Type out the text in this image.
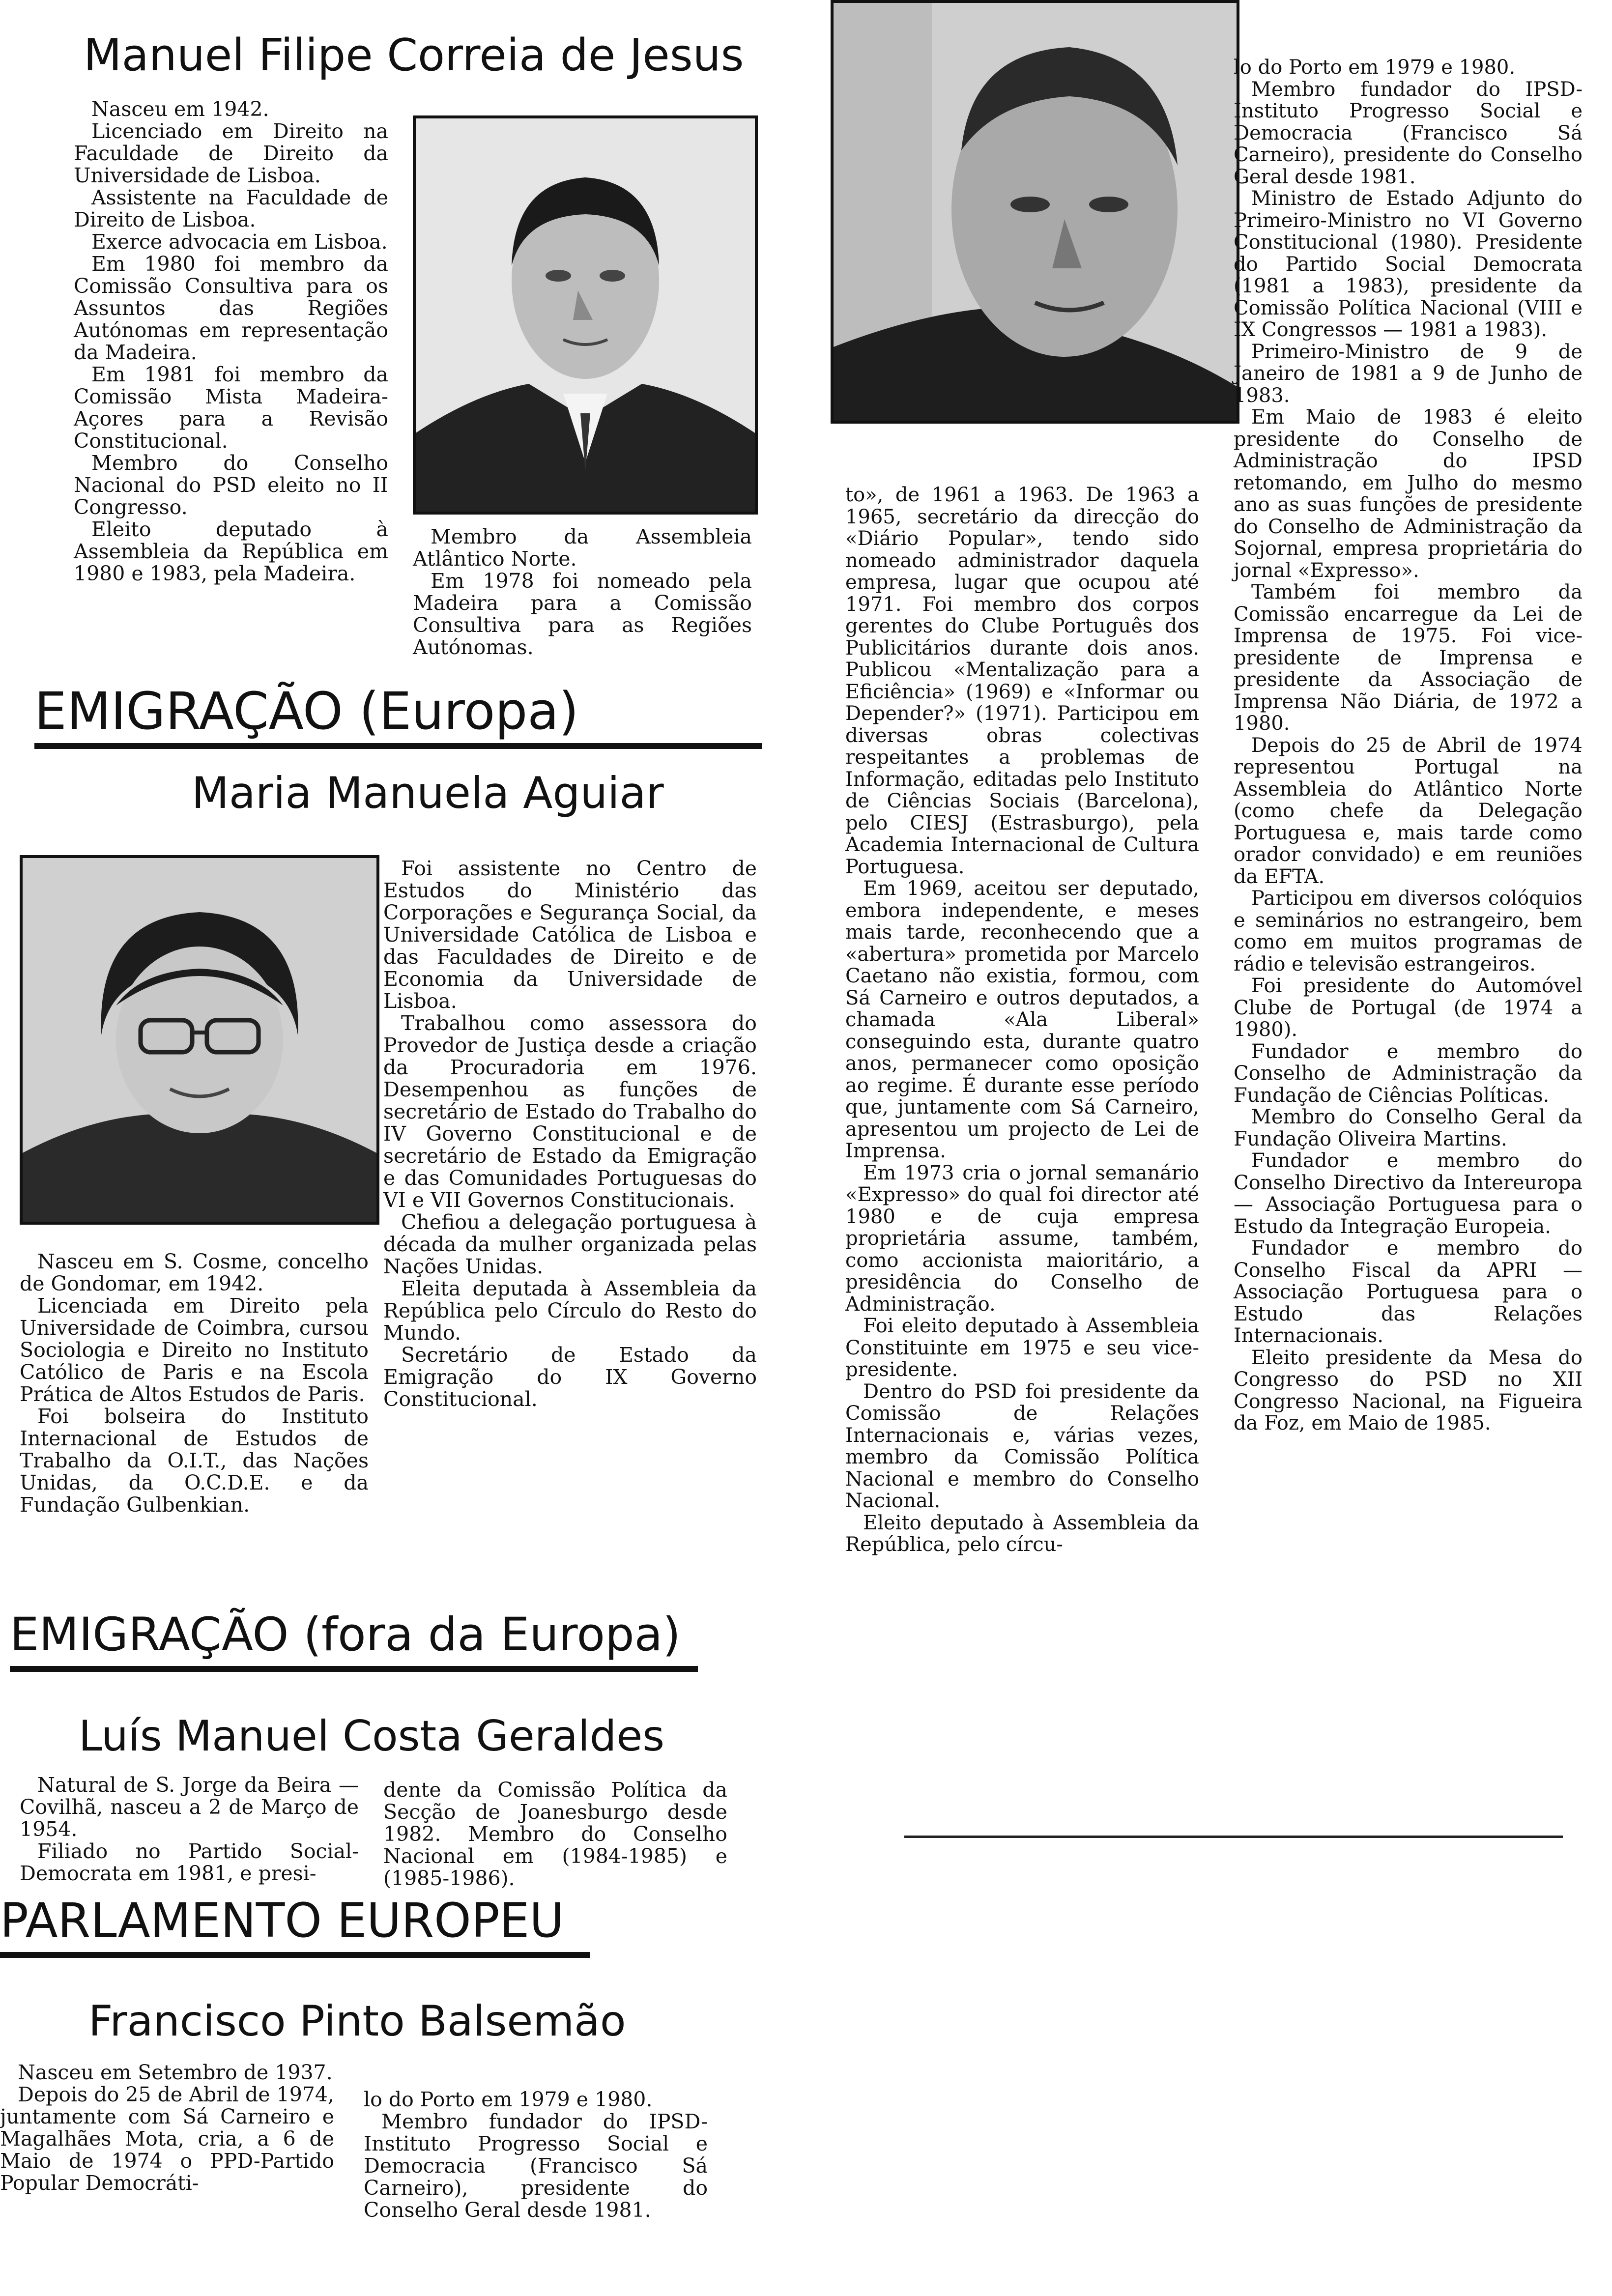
Manuel Filipe Correia de Jesus

Nasceu em 1942.

Licenciado em Direito na Faculdade de Direito da Universidade de Lisboa.

Assistente na Faculdade de Direito de Lisboa.

Exerce advocacia em Lisboa.

Em 1980 foi membro da Comissão Consultiva para os Assuntos das Regiões Autónomas em representação da Madeira.

Em 1981 foi membro da Comissão Mista Madeira-Açores para a Revisão Constitucional.

Membro do Conselho Nacional do PSD eleito no II Congresso.

Eleito deputado à Assembleia da República em 1980 e 1983, pela Madeira.

Membro da Assembleia Atlântico Norte.

Em 1978 foi nomeado pela Madeira para a Comissão Consultiva para as Regiões Autónomas.

EMIGRAÇÃO (Europa)
Maria Manuela Aguiar

Foi assistente no Centro de Estudos do Ministério das Corporações e Segurança Social, da Universidade Católica de Lisboa e das Faculdades de Direito e de Economia da Universidade de Lisboa.

Trabalhou como assessora do Provedor de Justiça desde a criação da Procuradoria em 1976. Desempenhou as funções de secretário de Estado do Trabalho do IV Governo Constitucional e de secretário de Estado da Emigração e das Comunidades Portuguesas do VI e VII Governos Constitucionais.

Chefiou a delegação portuguesa à década da mulher organizada pelas Nações Unidas.

Eleita deputada à Assembleia da República pelo Círculo do Resto do Mundo.

Secretário de Estado da Emigração do IX Governo Constitucional.

Nasceu em S. Cosme, concelho de Gondomar, em 1942.

Licenciada em Direito pela Universidade de Coimbra, cursou Sociologia e Direito no Instituto Católico de Paris e na Escola Prática de Altos Estudos de Paris.

Foi bolseira do Instituto Internacional de Estudos de Trabalho da O.I.T., das Nações Unidas, da O.C.D.E. e da Fundação Gulbenkian.

EMIGRAÇÃO (fora da Europa)
Luís Manuel Costa Geraldes

Natural de S. Jorge da Beira — Covilhã, nasceu a 2 de Março de 1954.

Filiado no Partido Social-Democrata em 1981, e presi-

dente da Comissão Política da Secção de Joanesburgo desde 1982. Membro do Conselho Nacional em (1984-1985) e (1985-1986).

PARLAMENTO EUROPEU
Francisco Pinto Balsemão

Nasceu em Setembro de 1937.

Depois do 25 de Abril de 1974, juntamente com Sá Carneiro e Magalhães Mota, cria, a 6 de Maio de 1974 o PPD-Partido Popular Democráti-

lo do Porto em 1979 e 1980.

Membro fundador do IPSD-Instituto Progresso Social e Democracia (Francisco Sá Carneiro), presidente do Conselho Geral desde 1981.

to», de 1961 a 1963. De 1963 a 1965, secretário da direcção do «Diário Popular», tendo sido nomeado administrador daquela empresa, lugar que ocupou até 1971. Foi membro dos corpos gerentes do Clube Português dos Publicitários durante dois anos. Publicou «Mentalização para a Eficiência» (1969) e «Informar ou Depender?» (1971). Participou em diversas obras colectivas respeitantes a problemas de Informação, editadas pelo Instituto de Ciências Sociais (Barcelona), pelo CIESJ (Estrasburgo), pela Academia Internacional de Cultura Portuguesa.

Em 1969, aceitou ser deputado, embora independente, e meses mais tarde, reconhecendo que a «abertura» prometida por Marcelo Caetano não existia, formou, com Sá Carneiro e outros deputados, a chamada «Ala Liberal» conseguindo esta, durante quatro anos, permanecer como oposição ao regime. É durante esse período que, juntamente com Sá Carneiro, apresentou um projecto de Lei de Imprensa.

Em 1973 cria o jornal semanário «Expresso» do qual foi director até 1980 e de cuja empresa proprietária assume, também, como accionista maioritário, a presidência do Conselho de Administração.

Foi eleito deputado à Assembleia Constituinte em 1975 e seu vice-presidente.

Dentro do PSD foi presidente da Comissão de Relações Internacionais e, várias vezes, membro da Comissão Política Nacional e membro do Conselho Nacional.

Eleito deputado à Assembleia da República, pelo círcu-

lo do Porto em 1979 e 1980.

Membro fundador do IPSD-Instituto Progresso Social e Democracia (Francisco Sá Carneiro), presidente do Conselho Geral desde 1981.

Ministro de Estado Adjunto do Primeiro-Ministro no VI Governo Constitucional (1980). Presidente do Partido Social Democrata (1981 a 1983), presidente da Comissão Política Nacional (VIII e IX Congressos — 1981 a 1983).

Primeiro-Ministro de 9 de Janeiro de 1981 a 9 de Junho de 1983.

Em Maio de 1983 é eleito presidente do Conselho de Administração do IPSD retomando, em Julho do mesmo ano as suas funções de presidente do Conselho de Administração da Sojornal, empresa proprietária do jornal «Expresso».

Também foi membro da Comissão encarregue da Lei de Imprensa de 1975. Foi vice-presidente de Imprensa e presidente da Associação de Imprensa Não Diária, de 1972 a 1980.

Depois do 25 de Abril de 1974 representou Portugal na Assembleia do Atlântico Norte (como chefe da Delegação Portuguesa e, mais tarde como orador convidado) e em reuniões da EFTA.

Participou em diversos colóquios e seminários no estrangeiro, bem como em muitos programas de rádio e televisão estrangeiros.

Foi presidente do Automóvel Clube de Portugal (de 1974 a 1980).

Fundador e membro do Conselho de Administração da Fundação de Ciências Políticas.

Membro do Conselho Geral da Fundação Oliveira Martins.

Fundador e membro do Conselho Directivo da Intereuropa — Associação Portuguesa para o Estudo da Integração Europeia.

Fundador e membro do Conselho Fiscal da APRI — Associação Portuguesa para o Estudo das Relações Internacionais.

Eleito presidente da Mesa do Congresso do PSD no XII Congresso Nacional, na Figueira da Foz, em Maio de 1985.
